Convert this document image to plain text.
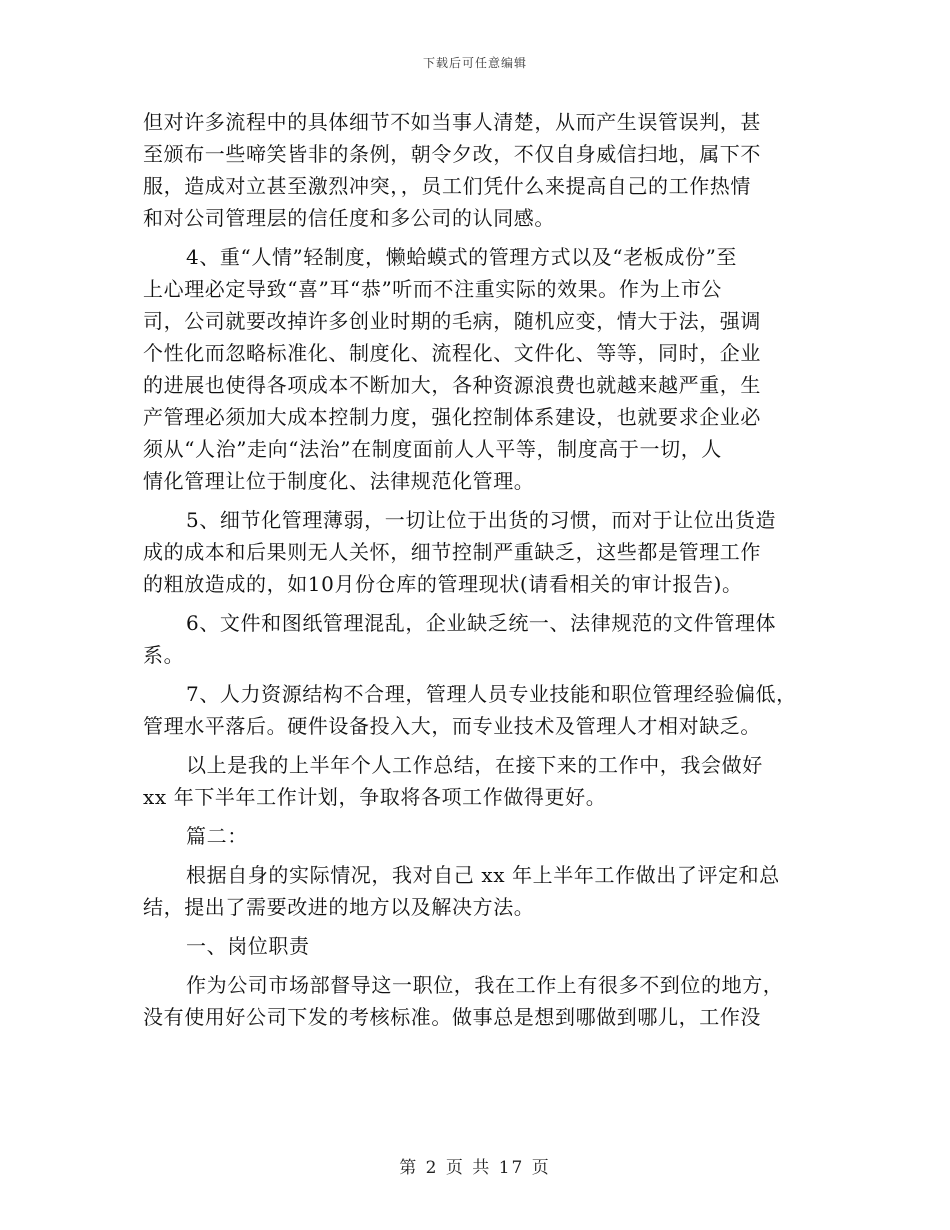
下载后可任意编辑

但对许多流程中的具体细节不如当事人清楚，从而产生误管误判，甚

至颁布一些啼笑皆非的条例，朝令夕改，不仅自身威信扫地，属下不

服，造成对立甚至激烈冲突，，员工们凭什么来提高自己的工作热情

和对公司管理层的信任度和多公司的认同感。

4、重“人情”轻制度，懒蛤蟆式的管理方式以及“老板成份”至

上心理必定导致“喜”耳“恭”听而不注重实际的效果。作为上市公

司，公司就要改掉许多创业时期的毛病，随机应变，情大于法，强调

个性化而忽略标准化、制度化、流程化、文件化、等等，同时，企业

的进展也使得各项成本不断加大，各种资源浪费也就越来越严重，生

产管理必须加大成本控制力度，强化控制体系建设，也就要求企业必

须从“人治”走向“法治”在制度面前人人平等，制度高于一切，人

情化管理让位于制度化、法律规范化管理。

5、细节化管理薄弱，一切让位于出货的习惯，而对于让位出货造

成的成本和后果则无人关怀，细节控制严重缺乏，这些都是管理工作

的粗放造成的，如10月份仓库的管理现状(请看相关的审计报告)。

6、文件和图纸管理混乱，企业缺乏统一、法律规范的文件管理体

系。

7、人力资源结构不合理，管理人员专业技能和职位管理经验偏低，

管理水平落后。硬件设备投入大，而专业技术及管理人才相对缺乏。

以上是我的上半年个人工作总结，在接下来的工作中，我会做好

xx 年下半年工作计划，争取将各项工作做得更好。

篇二：

根据自身的实际情况，我对自己 xx 年上半年工作做出了评定和总

结，提出了需要改进的地方以及解决方法。

一、岗位职责

作为公司市场部督导这一职位，我在工作上有很多不到位的地方，

没有使用好公司下发的考核标准。做事总是想到哪做到哪儿，工作没

第 2 页 共 17 页
